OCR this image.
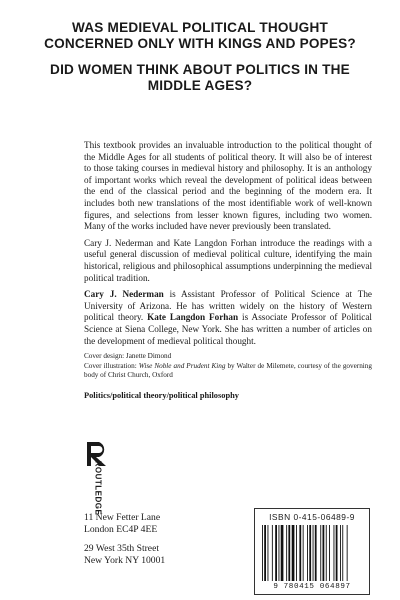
WAS MEDIEVAL POLITICAL THOUGHT CONCERNED ONLY WITH KINGS AND POPES?

DID WOMEN THINK ABOUT POLITICS IN THE MIDDLE AGES?

This textbook provides an invaluable introduction to the political thought of the Middle Ages for all students of political theory. It will also be of interest to those taking courses in medieval history and philosophy. It is an anthology of important works which reveal the development of political ideas between the end of the classical period and the beginning of the modern era. It includes both new translations of the most identifiable work of well-known figures, and selections from lesser known figures, including two women. Many of the works included have never previously been translated.

Cary J. Nederman and Kate Langdon Forhan introduce the readings with a useful general discussion of medieval political culture, identifying the main historical, religious and philosophical assumptions underpinning the medieval political tradition.

Cary J. Nederman is Assistant Professor of Political Science at The University of Arizona. He has written widely on the history of Western political theory. Kate Langdon Forhan is Associate Professor of Political Science at Siena College, New York. She has written a number of articles on the development of medieval political thought.

Cover design: Janette Dimond

Cover illustration: Wise Noble and Prudent King by Walter de Milemete, courtesy of the governing body of Christ Church, Oxford

Politics/political theory/political philosophy

ROUTLEDGE

11 New Fetter Lane
London EC4P 4EE

29 West 35th Street
New York NY 10001

ISBN 0-415-06489-9
9 780415 064897
